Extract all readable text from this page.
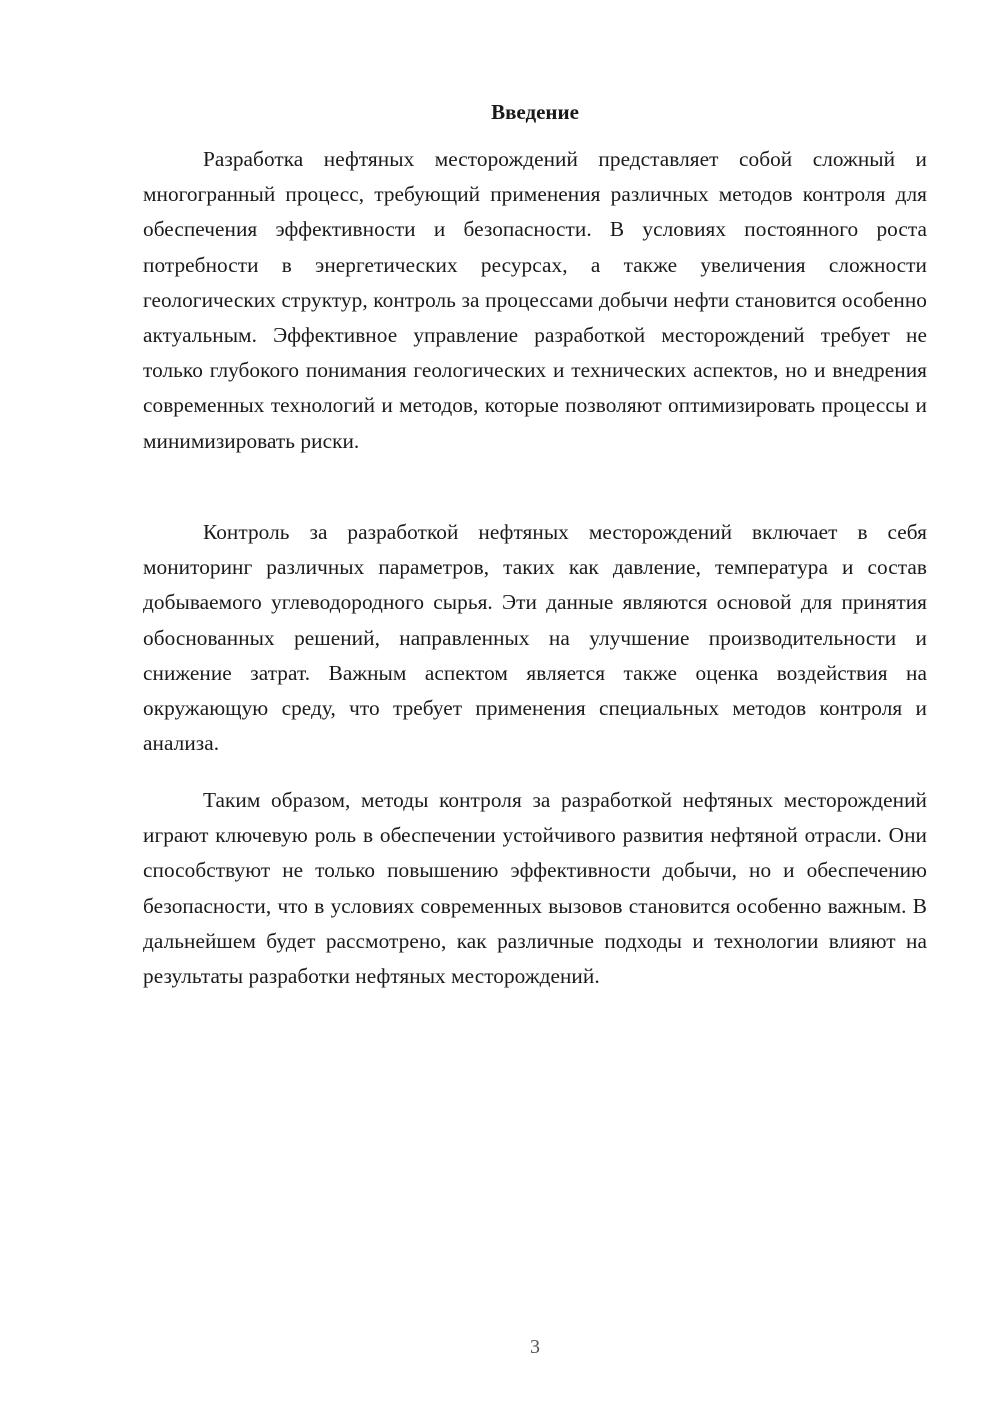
Введение

Разработка нефтяных месторождений представляет собой сложный и многогранный процесс, требующий применения различных методов контроля для обеспечения эффективности и безопасности. В условиях постоянного роста потребности в энергетических ресурсах, а также увеличения сложности геологических структур, контроль за процессами добычи нефти становится особенно актуальным. Эффективное управление разработкой месторождений требует не только глубокого понимания геологических и технических аспектов, но и внедрения современных технологий и методов, которые позволяют оптимизировать процессы и минимизировать риски.

Контроль за разработкой нефтяных месторождений включает в себя мониторинг различных параметров, таких как давление, температура и состав добываемого углеводородного сырья. Эти данные являются основой для принятия обоснованных решений, направленных на улучшение производительности и снижение затрат. Важным аспектом является также оценка воздействия на окружающую среду, что требует применения специальных методов контроля и анализа.

Таким образом, методы контроля за разработкой нефтяных месторождений играют ключевую роль в обеспечении устойчивого развития нефтяной отрасли. Они способствуют не только повышению эффективности добычи, но и обеспечению безопасности, что в условиях современных вызовов становится особенно важным. В дальнейшем будет рассмотрено, как различные подходы и технологии влияют на результаты разработки нефтяных месторождений.

3
